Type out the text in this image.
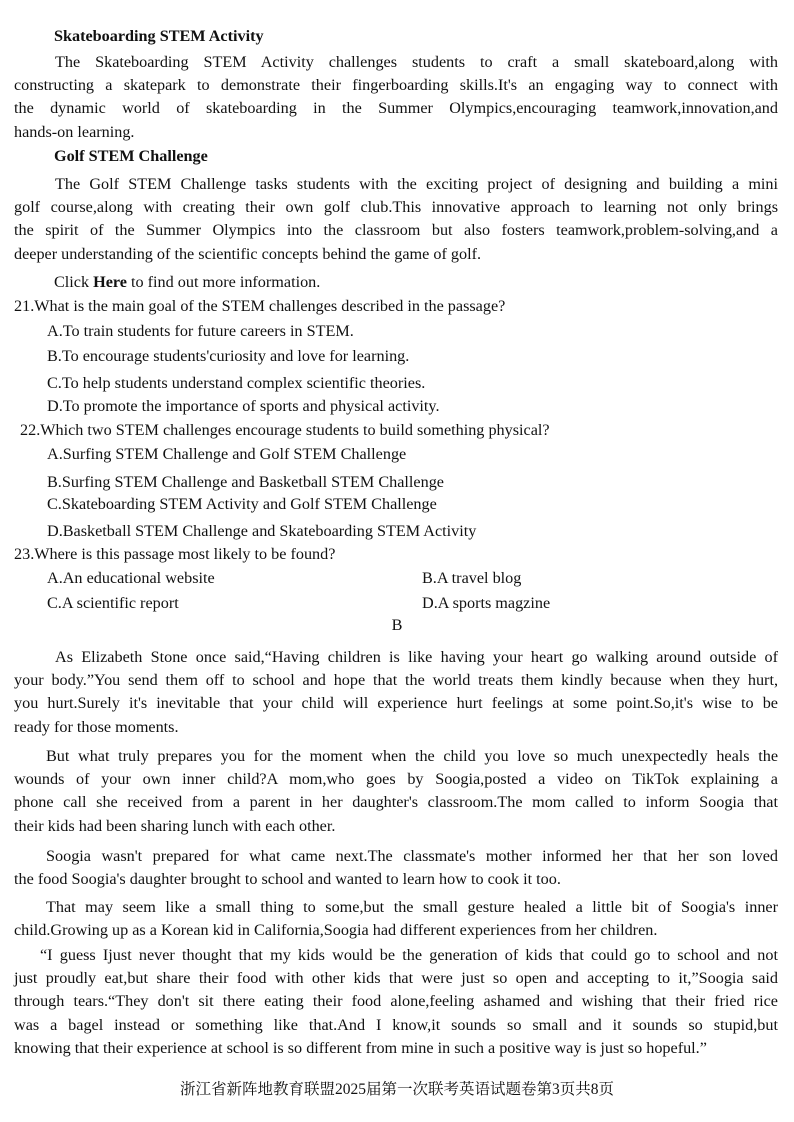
Skateboarding STEM Activity
The Skateboarding STEM Activity challenges students to craft a small skateboard,along with
constructing a skatepark to demonstrate their fingerboarding skills.It's an engaging way to connect with
the dynamic world of skateboarding in the Summer Olympics,encouraging teamwork,innovation,and
hands-on learning.
Golf STEM Challenge
The Golf STEM Challenge tasks students with the exciting project of designing and building a mini
golf course,along with creating their own golf club.This innovative approach to learning not only brings
the spirit of the Summer Olympics into the classroom but also fosters teamwork,problem-solving,and a
deeper understanding of the scientific concepts behind the game of golf.
Click Here to find out more information.
21.What is the main goal of the STEM challenges described in the passage?
A.To train students for future careers in STEM.
B.To encourage students'curiosity and love for learning.
C.To help students understand complex scientific theories.
D.To promote the importance of sports and physical activity.
22.Which two STEM challenges encourage students to build something physical?
A.Surfing STEM Challenge and Golf STEM Challenge
B.Surfing STEM Challenge and Basketball STEM Challenge
C.Skateboarding STEM Activity and Golf STEM Challenge
D.Basketball STEM Challenge and Skateboarding STEM Activity
23.Where is this passage most likely to be found?
A.An educational website	B.A travel blog
C.A scientific report	D.A sports magzine
B
As Elizabeth Stone once said,“Having children is like having your heart go walking around outside of
your body.”You send them off to school and hope that the world treats them kindly because when they hurt,
you hurt.Surely it's inevitable that your child will experience hurt feelings at some point.So,it's wise to be
ready for those moments.
But what truly prepares you for the moment when the child you love so much unexpectedly heals the
wounds of your own inner child?A mom,who goes by Soogia,posted a video on TikTok explaining a
phone call she received from a parent in her daughter's classroom.The mom called to inform Soogia that
their kids had been sharing lunch with each other.
Soogia wasn't prepared for what came next.The classmate's mother informed her that her son loved
the food Soogia's daughter brought to school and wanted to learn how to cook it too.
That may seem like a small thing to some,but the small gesture healed a little bit of Soogia's inner
child.Growing up as a Korean kid in California,Soogia had different experiences from her children.
“I guess Ijust never thought that my kids would be the generation of kids that could go to school and not
just proudly eat,but share their food with other kids that were just so open and accepting to it,”Soogia said
through tears.“They don't sit there eating their food alone,feeling ashamed and wishing that their fried rice
was a bagel instead or something like that.And I know,it sounds so small and it sounds so stupid,but
knowing that their experience at school is so different from mine in such a positive way is just so hopeful.”
浙江省新阵地教育联盟2025届第一次联考英语试题卷第3页共8页
